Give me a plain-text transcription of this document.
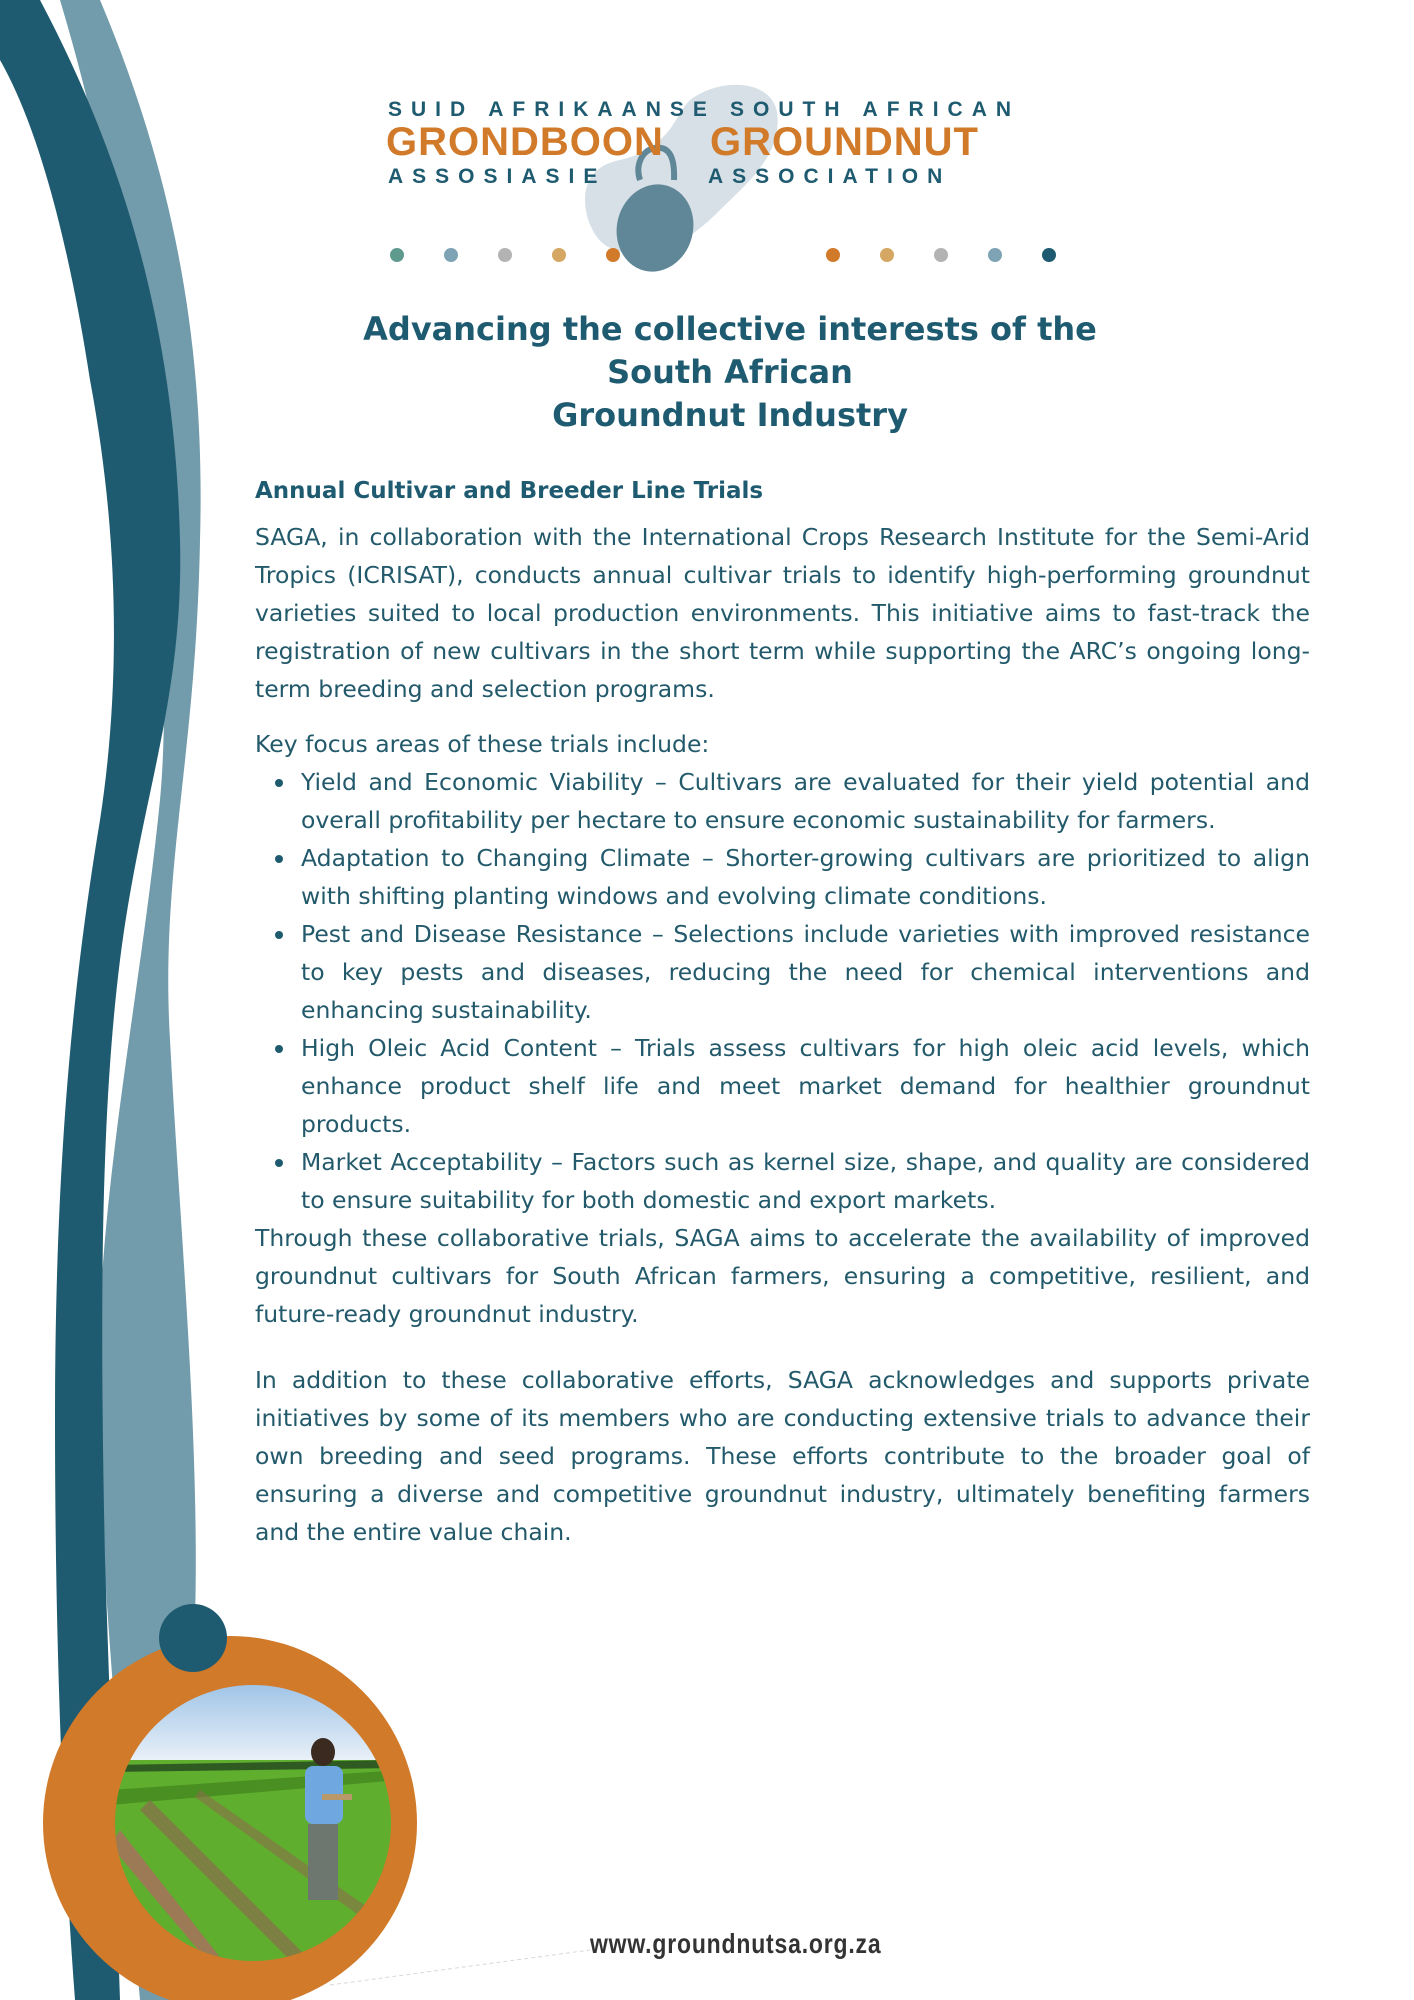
SUID AFRIKAANSE
GRONDBOON
ASSOSIASIE
SOUTH AFRICAN
GROUNDNUT
ASSOCIATION
Advancing the collective interests of the
South African
Groundnut Industry
Annual Cultivar and Breeder Line Trials

SAGA, in collaboration with the International Crops Research Institute for the Semi-Arid Tropics (ICRISAT), conducts annual cultivar trials to identify high-performing groundnut varieties suited to local production environments. This initiative aims to fast-track the registration of new cultivars in the short term while supporting the ARC’s ongoing long-term breeding and selection programs.

Key focus areas of these trials include:

Yield and Economic Viability – Cultivars are evaluated for their yield potential and overall profitability per hectare to ensure economic sustainability for farmers.
Adaptation to Changing Climate – Shorter-growing cultivars are prioritized to align with shifting planting windows and evolving climate conditions.
Pest and Disease Resistance – Selections include varieties with improved resistance to key pests and diseases, reducing the need for chemical interventions and enhancing sustainability.
High Oleic Acid Content – Trials assess cultivars for high oleic acid levels, which enhance product shelf life and meet market demand for healthier groundnut products.
Market Acceptability – Factors such as kernel size, shape, and quality are considered to ensure suitability for both domestic and export markets.

Through these collaborative trials, SAGA aims to accelerate the availability of improved groundnut cultivars for South African farmers, ensuring a competitive, resilient, and future-ready groundnut industry.

In addition to these collaborative efforts, SAGA acknowledges and supports private initiatives by some of its members who are conducting extensive trials to advance their own breeding and seed programs. These efforts contribute to the broader goal of ensuring a diverse and competitive groundnut industry, ultimately benefiting farmers and the entire value chain.

www.groundnutsa.org.za
